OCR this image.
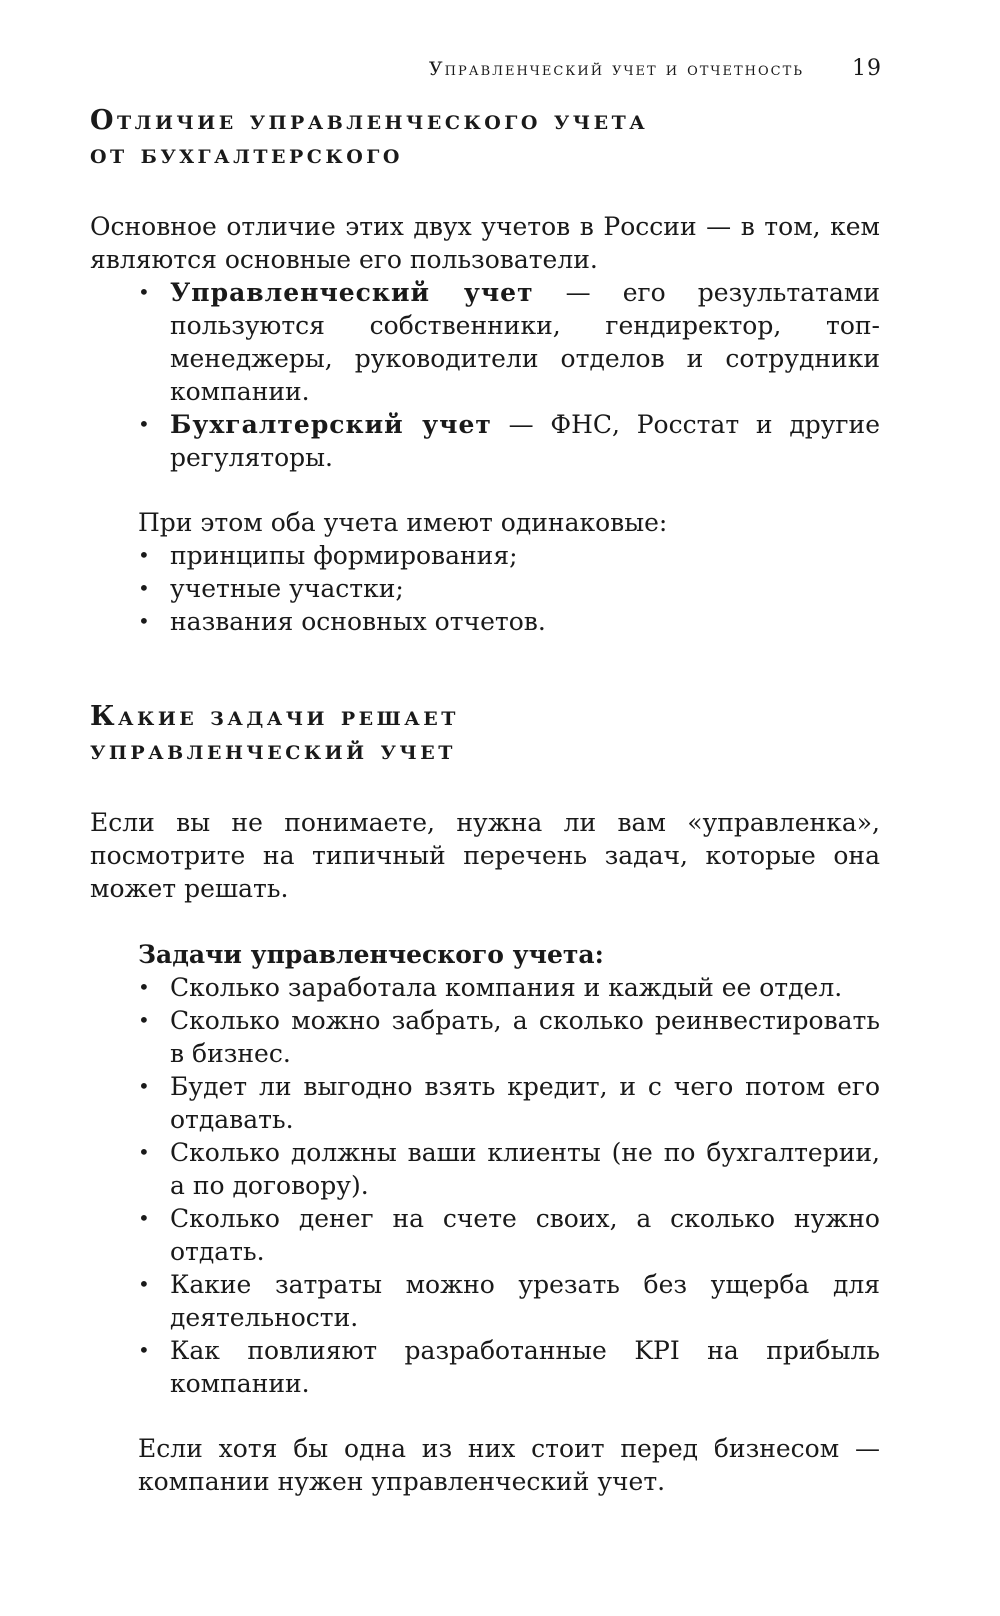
Управленческий учет и отчетность 19
Отличие управленческого учета
от бухгалтерского

Основное отличие этих двух учетов в России — в том, кем являются основные его пользователи.

• Управленческий учет — его результатами пользуются собственники, гендиректор, топ-менеджеры, руководители отделов и сотрудники компании.
• Бухгалтерский учет — ФНС, Росстат и другие регуляторы.

При этом оба учета имеют одинаковые:

• принципы формирования;
• учетные участки;
• названия основных отчетов.
Какие задачи решает
управленческий учет

Если вы не понимаете, нужна ли вам «управленка», посмотрите на типичный перечень задач, которые она может решать.

Задачи управленческого учета:

• Сколько заработала компания и каждый ее отдел.
• Сколько можно забрать, а сколько реинвестировать в бизнес.
• Будет ли выгодно взять кредит, и с чего потом его отдавать.
• Сколько должны ваши клиенты (не по бухгалтерии, а по договору).
• Сколько денег на счете своих, а сколько нужно отдать.
• Какие затраты можно урезать без ущерба для деятельности.
• Как повлияют разработанные KPI на прибыль компании.

Если хотя бы одна из них стоит перед бизнесом — компании нужен управленческий учет.
